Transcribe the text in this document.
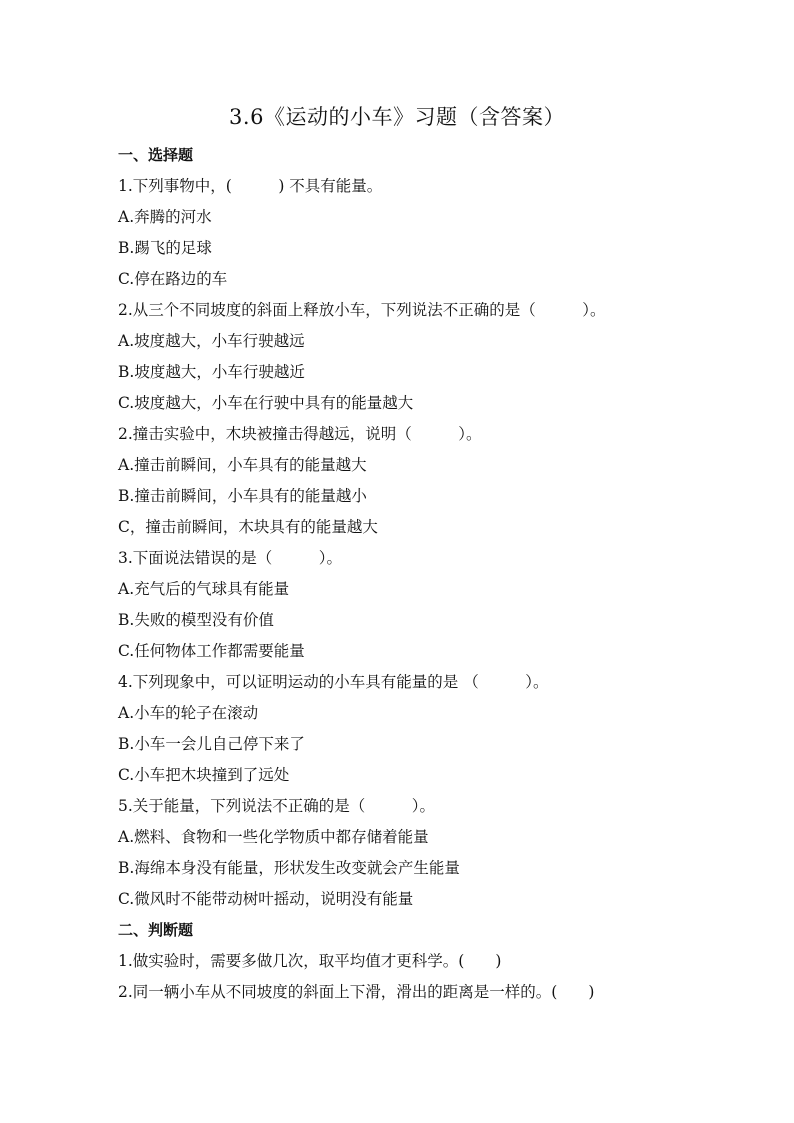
3.6《运动的小车》习题（含答案）
一、选择题
1.下列事物中，(　　　) 不具有能量。
A.奔腾的河水
B.踢飞的足球
C.停在路边的车
2.从三个不同坡度的斜面上释放小车，下列说法不正确的是（　　　）。
A.坡度越大，小车行驶越远
B.坡度越大，小车行驶越近
C.坡度越大，小车在行驶中具有的能量越大
2.撞击实验中，木块被撞击得越远，说明（　　　）。
A.撞击前瞬间，小车具有的能量越大
B.撞击前瞬间，小车具有的能量越小
C，撞击前瞬间，木块具有的能量越大
3.下面说法错误的是（　　　）。
A.充气后的气球具有能量
B.失败的模型没有价值
C.任何物体工作都需要能量
4.下列现象中，可以证明运动的小车具有能量的是 （　　　）。
A.小车的轮子在滚动
B.小车一会儿自己停下来了
C.小车把木块撞到了远处
5.关于能量，下列说法不正确的是（　　　）。
A.燃料、食物和一些化学物质中都存储着能量
B.海绵本身没有能量，形状发生改变就会产生能量
C.微风时不能带动树叶摇动，说明没有能量
二、判断题
1.做实验时，需要多做几次，取平均值才更科学。(　　)
2.同一辆小车从不同坡度的斜面上下滑，滑出的距离是一样的。(　　)
